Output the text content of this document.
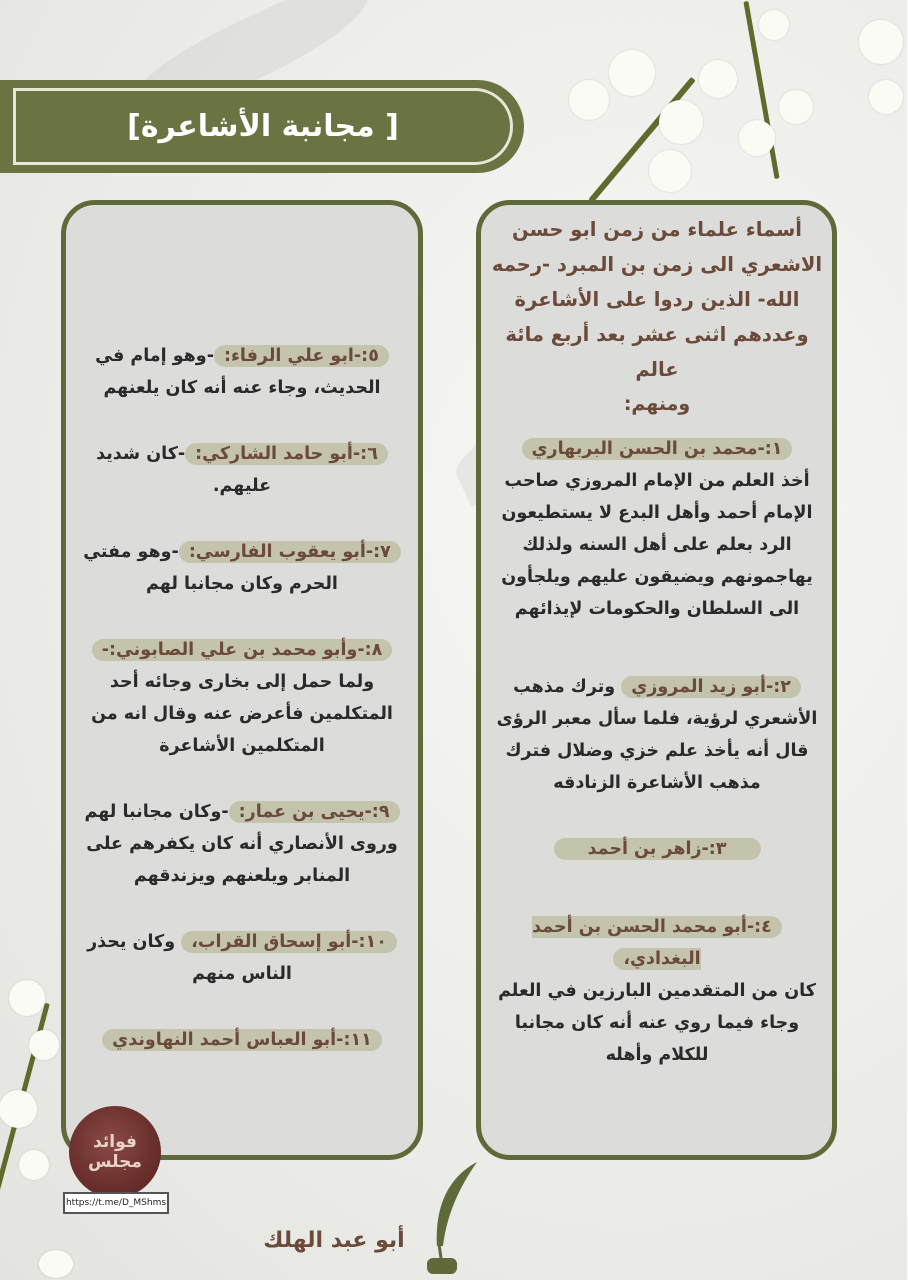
[ مجانبة الأشاعرة]
أسماء علماء من زمن ابو حسن الاشعري الى زمن بن المبرد -رحمه الله- الذين ردوا على الأشاعرة وعددهم اثنى عشر بعد أربع مائة عالم
ومنهم:
١:-محمد بن الحسن البربهاري
أخذ العلم من الإمام المروزي صاحب الإمام أحمد وأهل البدع لا يستطيعون الرد بعلم على أهل السنه ولذلك يهاجمونهم ويضيقون عليهم ويلجأون الى السلطان والحكومات لإيذائهم
٢:-أبو زيد المروزي وترك مذهب الأشعري لرؤية، فلما سأل معبر الرؤى قال أنه يأخذ علم خزي وضلال فترك مذهب الأشاعرة الزنادقه
٣:-زاهر بن أحمد
٤:-أبو محمد الحسن بن أحمد البغدادي،
كان من المتقدمين البارزين في العلم وجاء فيما روي عنه أنه كان مجانبا للكلام وأهله
٥:-ابو علي الرفاء:-وهو إمام في الحديث، وجاء عنه أنه كان يلعنهم
٦:-أبو حامد الشاركي:-كان شديد عليهم.
٧:-أبو يعقوب الفارسي:-وهو مفتي الحرم وكان مجانبا لهم
٨:-وأبو محمد بن علي الصابوني:- ولما حمل إلى بخارى وجائه أحد المتكلمين فأعرض عنه وقال انه من المتكلمين الأشاعرة
٩:-يحيى بن عمار:-وكان مجانبا لهم وروى الأنصاري أنه كان يكفرهم على المنابر ويلعنهم ويزندقهم
١٠:-أبو إسحاق القراب، وكان يحذر الناس منهم
١١:-أبو العباس أحمد النهاوندي
فوائد
مجلس
https://t.me/D_MShms
أبو عبد الهلك
